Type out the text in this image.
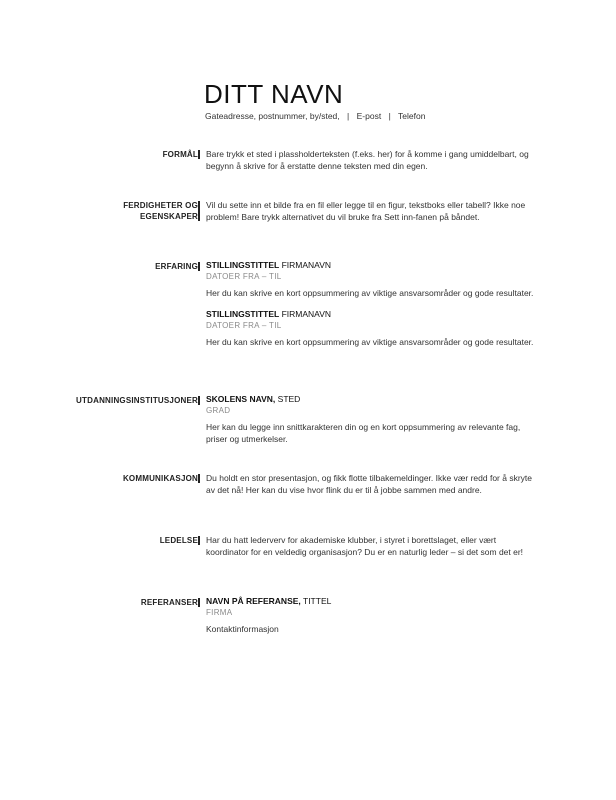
DITT NAVN
Gateadresse, postnummer, by/sted, | E-post | Telefon
FORMÅL Bare trykk et sted i plassholderteksten (f.eks. her) for å komme i gang umiddelbart, og begynn å skrive for å erstatte denne teksten med din egen.

FERDIGHETER OG
EGENSKAPER

Vil du sette inn et bilde fra en fil eller legge til en figur, tekstboks eller tabell? Ikke noe problem! Bare trykk alternativet du vil bruke fra Sett inn-fanen på båndet.

ERFARING STILLINGSTITTEL FIRMANAVN
DATOER FRA – TIL

Her du kan skrive en kort oppsummering av viktige ansvarsområder og gode resultater.

STILLINGSTITTEL FIRMANAVN
DATOER FRA – TIL

Her du kan skrive en kort oppsummering av viktige ansvarsområder og gode resultater.

UTDANNINGSINSTITUSJONER SKOLENS NAVN, STED
GRAD

Her kan du legge inn snittkarakteren din og en kort oppsummering av relevante fag, priser og utmerkelser.

KOMMUNIKASJON Du holdt en stor presentasjon, og fikk flotte tilbakemeldinger. Ikke vær redd for å skryte av det nå! Her kan du vise hvor flink du er til å jobbe sammen med andre.

LEDELSE Har du hatt lederverv for akademiske klubber, i styret i borettslaget, eller vært koordinator for en veldedig organisasjon? Du er en naturlig leder – si det som det er!

REFERANSER NAVN PÅ REFERANSE, TITTEL
FIRMA

Kontaktinformasjon
